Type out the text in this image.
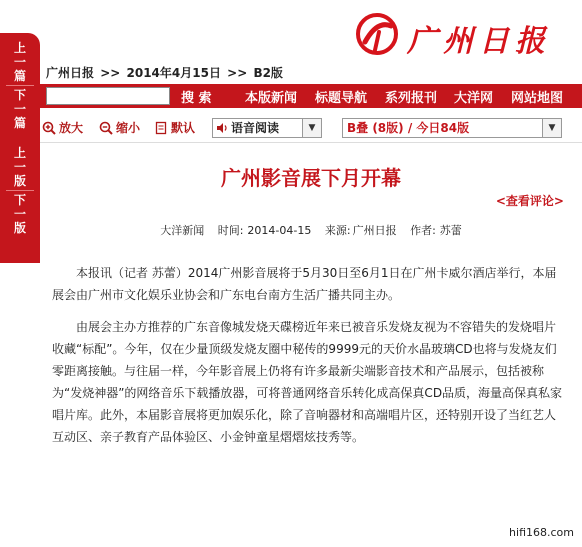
上
一
篇
下
一
篇
上
一
版
下
一
版
广州日报
广州日报 >> 2014年4月15日 >> B2版
搜 索	本版新闻 标题导航 系列报刊 大洋网 网站地图
放大	缩小	默认	语音阅读	▼	B叠 (8版) / 今日84版	▼
广州影音展下月开幕
<查看评论>
大洋新闻 时间: 2014-04-15 来源: 广州日报 作者: 苏蕾

本报讯（记者 苏蕾）2014广州影音展将于5月30日至6月1日在广州卡威尔酒店举行，本届展会由广州市文化娱乐业协会和广东电台南方生活广播共同主办。

由展会主办方推荐的广东音像城发烧天碟榜近年来已被音乐发烧友视为不容错失的发烧唱片收藏“标配”。今年，仅在少量顶级发烧友圈中秘传的9999元的天价水晶玻璃CD也将与发烧友们零距离接触。与往届一样，今年影音展上仍将有许多最新尖端影音技术和产品展示，包括被称为“发烧神器”的网络音乐下载播放器，可将普通网络音乐转化成高保真CD品质，海量高保真私家唱片库。此外，本届影音展将更加娱乐化，除了音响器材和高端唱片区，还特别开设了当红艺人互动区、亲子教育产品体验区、小金钟童星熠熠炫技秀等。

hifi168.com
